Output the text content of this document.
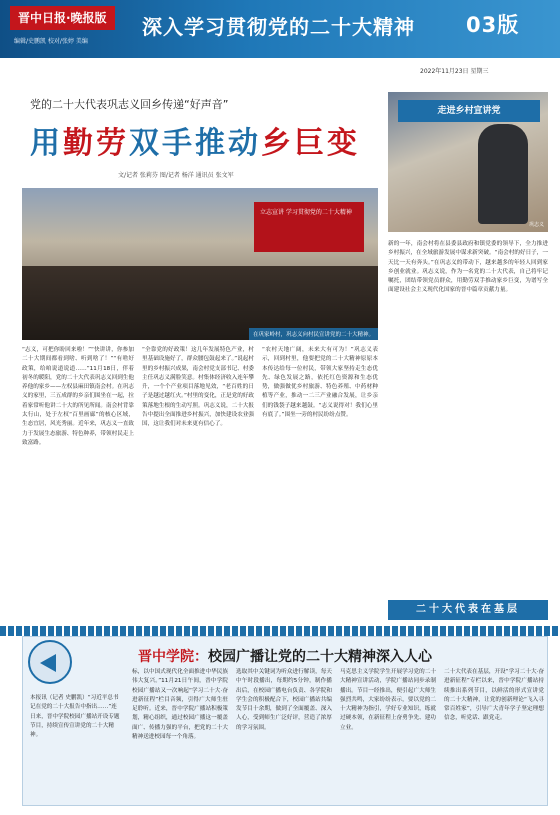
晋中日报·晚报版
编辑/史鹏凯 校对/张婷 美编
深入学习贯彻党的二十大精神 03版
2022年11月23日 星期三
党的二十大代表巩志义回乡传递“好声音”
用勤劳双手推动乡巨变
文/记者 张莉芬 图/记者 杨洋 通讯员 张文军
走进乡村宣讲党
巩志义
立志宣讲 学习贯彻党的二十大精神
在巩家岭村，巩志义向村民宣讲党的二十大精神。

新的一年，南会村将在县委县政府和镇党委的领导下，全力推进乡村振兴，在全域旅游发展中谋求新突破。“南会村的好日子，一天比一天有奔头。”在巩志义的带动下，越来越多的年轻人回到家乡创业就业。巩志义说，作为一名党的二十大代表，自己将牢记嘱托，团结带领党员群众，用勤劳双手推动家乡巨变，为谱写全面建设社会主义现代化国家的晋中篇章贡献力量。

“志义，可把你盼回来啦！”“快讲讲，你参加二十大期间都看到啥、听到啥了！”“有啥好政策，给咱说道说道……”11月18日，伴着初冬的暖阳，党的二十大代表巩志义回到生他养他的家乡——左权县麻田镇南会村。在巩志义的家里，三五成群的乡亲们围坐在一起，拉着家常听他讲二十大的所见所闻。南会村背靠太行山，处于左权“百里画廊”的核心区域，生态宜居，风光秀丽。近年来，巩志义一直致力于发展生态旅游、特色种养，带领村民走上致富路。

“全靠党的好政策！这几年发展特色产业，村里基础设施好了，群众腰包鼓起来了。”说起村里的乡村振兴成果，南会村党支部书记、村委主任巩志义满脸笑意。村集体经济收入连年攀升，一个个产业项目落地见效，“老百姓的日子是越过越红火。”村里的变化，正是党的好政策落地生根的生动写照。巩志义说，二十大报告中提出全面推进乡村振兴，加快建设农业强国，这让我们对未来更有信心了。

“农村天地广阔，未来大有可为！”巩志义表示，回到村里，他要把党的二十大精神原原本本传达给每一位村民，带领大家坚持走生态优先、绿色发展之路，依托红色资源和生态优势，做强做优乡村旅游、特色养殖、中药材种植等产业，推动一二三产业融合发展，让乡亲们的钱袋子越来越鼓。“志义说得对！我们心里有底了。”围坐一旁的村民纷纷点赞。

二十大代表在基层
晋中学院：校园广播让党的二十大精神深入人心
本报讯（记者 史鹏凯）“习近平总书记在党的二十大报告中指出……”连日来，晋中学院校园广播站开设专题节目，持续宣传宣讲党的二十大精神。

标，以中国式现代化全面推进中华民族伟大复兴。”11月21日午间，晋中学院校园广播站又一次响起“学习二十大·奋进新征程”栏目音频，引得广大师生驻足聆听。近来，晋中学院广播站积极策划，精心组织，通过校园广播这一覆盖面广、传播力强的平台，把党的二十大精神送进校园每一个角落。

选取其中关键词为听众进行解读，每天中午时段播出，每期约5分钟，制作播出后，在校园广播电台负责、各学院和学生会的积极配合下，校园广播站共编发节目十余期，做到了全面覆盖、深入人心，受到师生广泛好评，营造了浓厚的学习氛围。

马克思主义学院学生开展学习党的二十大精神宣讲活动，学院广播站同步录制播出。节目一经推出，便引起广大师生强烈共鸣，大家纷纷表示，要以党的二十大精神为指引，学好专业知识，练就过硬本领，在新征程上奋勇争先、建功立业。

二十大代表在基层，开设“学习二十大·奋进新征程”专栏以来，晋中学院广播站持续推出系列节目，以鲜活的形式宣讲党的二十大精神，让党的创新理论“飞入寻常百姓家”，引导广大青年学子坚定理想信念，听党话、跟党走。
